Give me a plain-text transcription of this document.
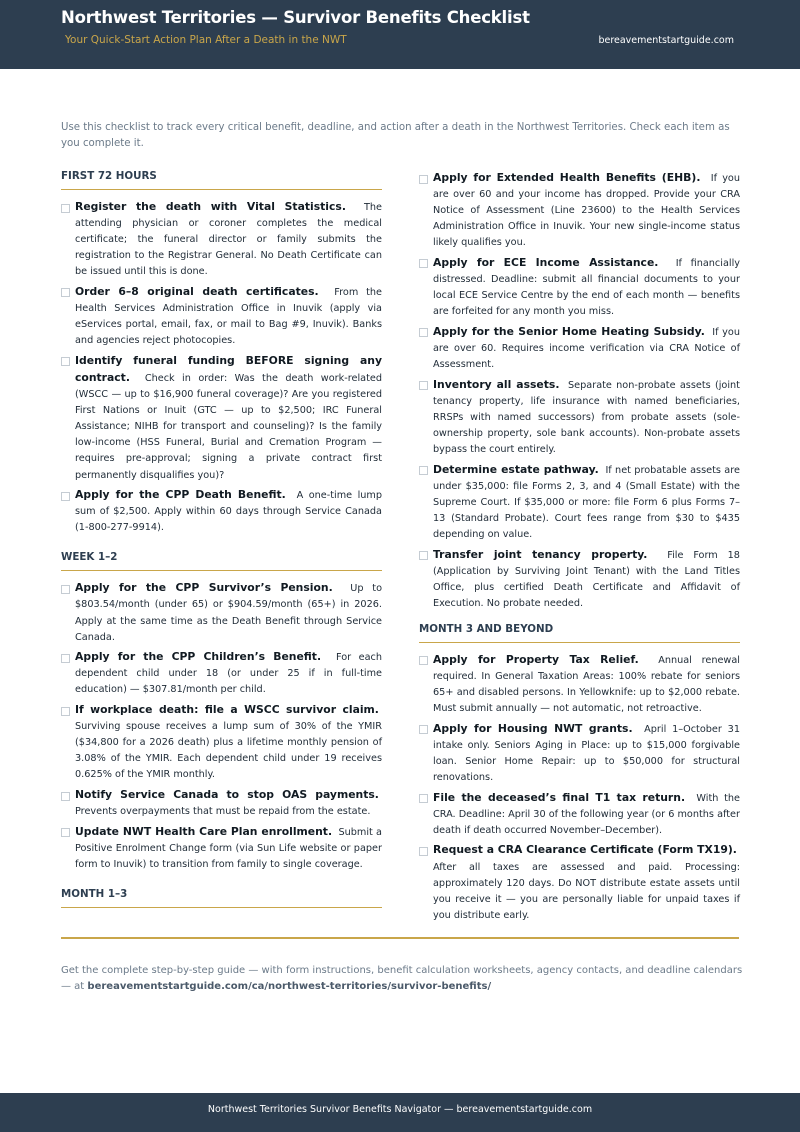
Northwest Territories — Survivor Benefits Checklist
Your Quick-Start Action Plan After a Death in the NWT	bereavementstartguide.com
Use this checklist to track every critical benefit, deadline, and action after a death in the Northwest Territories. Check each item as you complete it.
FIRST 72 HOURS
Register the death with Vital Statistics. The attending physician or coroner completes the medical certificate; the funeral director or family submits the registration to the Registrar General. No Death Certificate can be issued until this is done.
Order 6–8 original death certificates. From the Health Services Administration Office in Inuvik (apply via eServices portal, email, fax, or mail to Bag #9, Inuvik). Banks and agencies reject photocopies.
Identify funeral funding BEFORE signing any contract. Check in order: Was the death work-related (WSCC — up to $16,900 funeral coverage)? Are you registered First Nations or Inuit (GTC — up to $2,500; IRC Funeral Assistance; NIHB for transport and counseling)? Is the family low-income (HSS Funeral, Burial and Cremation Program — requires pre-approval; signing a private contract first permanently disqualifies you)?
Apply for the CPP Death Benefit. A one-time lump sum of $2,500. Apply within 60 days through Service Canada (1-800-277-9914).
WEEK 1–2
Apply for the CPP Survivor’s Pension. Up to $803.54/month (under 65) or $904.59/month (65+) in 2026. Apply at the same time as the Death Benefit through Service Canada.
Apply for the CPP Children’s Benefit. For each dependent child under 18 (or under 25 if in full-time education) — $307.81/month per child.
If workplace death: file a WSCC survivor claim.  Surviving spouse receives a lump sum of 30% of the YMIR ($34,800 for a 2026 death) plus a lifetime monthly pension of 3.08% of the YMIR. Each dependent child under 19 receives 0.625% of the YMIR monthly.
Notify Service Canada to stop OAS payments.  Prevents overpayments that must be repaid from the estate.
Update NWT Health Care Plan enrollment. Submit a Positive Enrolment Change form (via Sun Life website or paper form to Inuvik) to transition from family to single coverage.
MONTH 1–3
Apply for Extended Health Benefits (EHB). If you are over 60 and your income has dropped. Provide your CRA Notice of Assessment (Line 23600) to the Health Services Administration Office in Inuvik. Your new single-income status likely qualifies you.
Apply for ECE Income Assistance. If financially distressed. Deadline: submit all financial documents to your local ECE Service Centre by the end of each month — benefits are forfeited for any month you miss.
Apply for the Senior Home Heating Subsidy. If you are over 60. Requires income verification via CRA Notice of Assessment.
Inventory all assets. Separate non-probate assets (joint tenancy property, life insurance with named beneficiaries, RRSPs with named successors) from probate assets (sole-ownership property, sole bank accounts). Non-probate assets bypass the court entirely.
Determine estate pathway. If net probatable assets are under $35,000: file Forms 2, 3, and 4 (Small Estate) with the Supreme Court. If $35,000 or more: file Form 6 plus Forms 7–13 (Standard Probate). Court fees range from $30 to $435 depending on value.
Transfer joint tenancy property. File Form 18 (Application by Surviving Joint Tenant) with the Land Titles Office, plus certified Death Certificate and Affidavit of Execution. No probate needed.
MONTH 3 AND BEYOND
Apply for Property Tax Relief. Annual renewal required. In General Taxation Areas: 100% rebate for seniors 65+ and disabled persons. In Yellowknife: up to $2,000 rebate. Must submit annually — not automatic, not retroactive.
Apply for Housing NWT grants. April 1–October 31 intake only. Seniors Aging in Place: up to $15,000 forgivable loan. Senior Home Repair: up to $50,000 for structural renovations.
File the deceased’s final T1 tax return. With the CRA. Deadline: April 30 of the following year (or 6 months after death if death occurred November–December).
Request a CRA Clearance Certificate (Form TX19).  After all taxes are assessed and paid. Processing: approximately 120 days. Do NOT distribute estate assets until you receive it — you are personally liable for unpaid taxes if you distribute early.
Get the complete step-by-step guide — with form instructions, benefit calculation worksheets, agency contacts, and deadline calendars — at bereavementstartguide.com/ca/northwest-territories/survivor-benefits/
Northwest Territories Survivor Benefits Navigator — bereavementstartguide.com
